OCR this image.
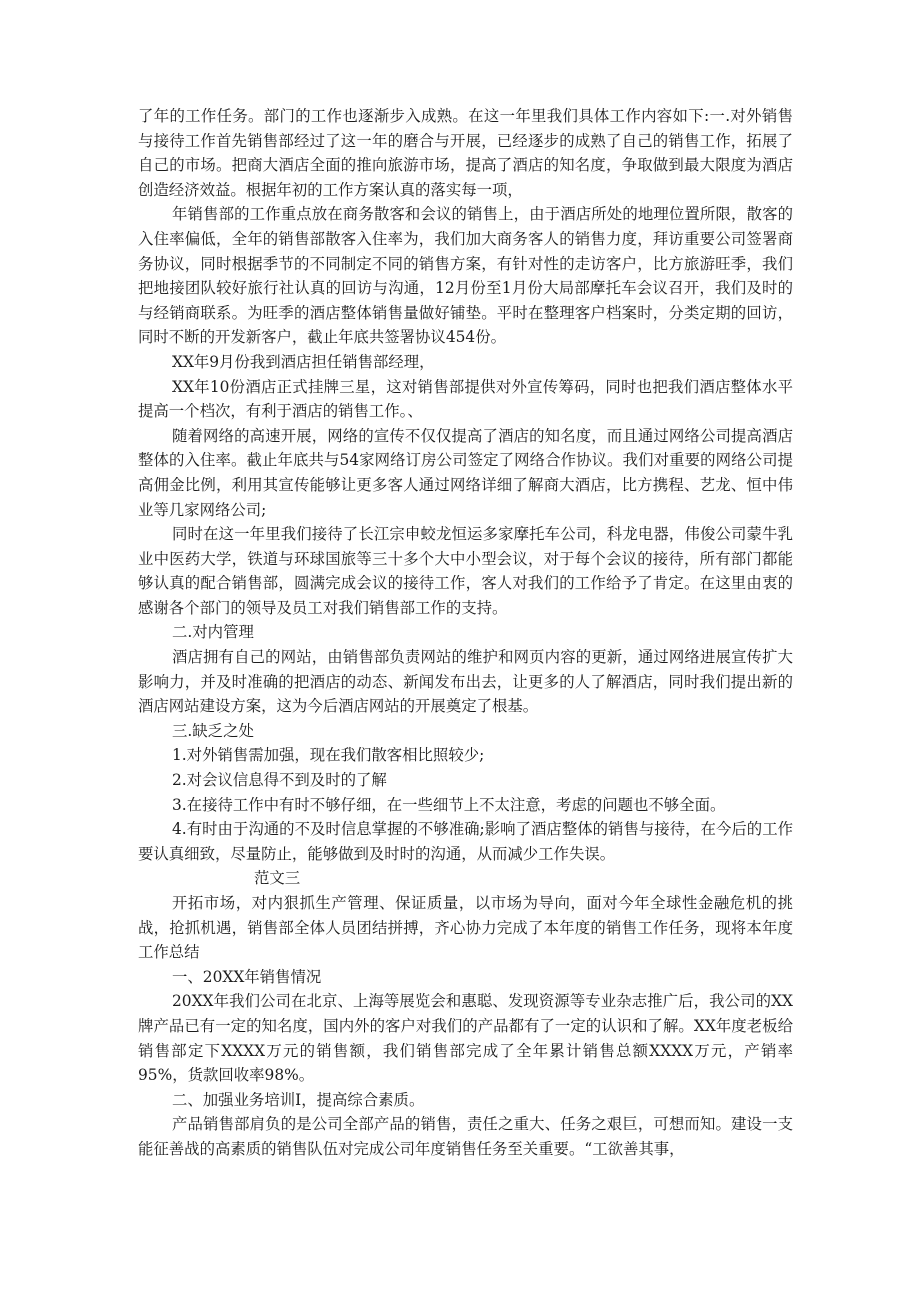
了年的工作任务。部门的工作也逐渐步入成熟。在这一年里我们具体工作内容如下:一.对外销售与接待工作首先销售部经过了这一年的磨合与开展，已经逐步的成熟了自己的销售工作，拓展了自己的市场。把商大酒店全面的推向旅游市场，提高了酒店的知名度，争取做到最大限度为酒店创造经济效益。根据年初的工作方案认真的落实每一项，

年销售部的工作重点放在商务散客和会议的销售上，由于酒店所处的地理位置所限，散客的入住率偏低，全年的销售部散客入住率为，我们加大商务客人的销售力度，拜访重要公司签署商务协议，同时根据季节的不同制定不同的销售方案，有针对性的走访客户，比方旅游旺季，我们把地接团队较好旅行社认真的回访与沟通，12月份至1月份大局部摩托车会议召开，我们及时的与经销商联系。为旺季的酒店整体销售量做好铺垫。平时在整理客户档案时，分类定期的回访，同时不断的开发新客户，截止年底共签署协议454份。

XX年9月份我到酒店担任销售部经理，

XX年10份酒店正式挂牌三星，这对销售部提供对外宣传筹码，同时也把我们酒店整体水平提高一个档次，有利于酒店的销售工作。、

随着网络的高速开展，网络的宣传不仅仅提高了酒店的知名度，而且通过网络公司提高酒店整体的入住率。截止年底共与54家网络订房公司签定了网络合作协议。我们对重要的网络公司提高佣金比例，利用其宣传能够让更多客人通过网络详细了解商大酒店，比方携程、艺龙、恒中伟业等几家网络公司;

同时在这一年里我们接待了长江宗申蛟龙恒运多家摩托车公司，科龙电器，伟俊公司蒙牛乳业中医药大学，铁道与环球国旅等三十多个大中小型会议，对于每个会议的接待，所有部门都能够认真的配合销售部，圆满完成会议的接待工作，客人对我们的工作给予了肯定。在这里由衷的感谢各个部门的领导及员工对我们销售部工作的支持。

二.对内管理

酒店拥有自己的网站，由销售部负责网站的维护和网页内容的更新，通过网络进展宣传扩大影响力，并及时准确的把酒店的动态、新闻发布出去，让更多的人了解酒店，同时我们提出新的酒店网站建设方案，这为今后酒店网站的开展奠定了根基。

三.缺乏之处

1.对外销售需加强，现在我们散客相比照较少;

2.对会议信息得不到及时的了解

3.在接待工作中有时不够仔细，在一些细节上不太注意，考虑的问题也不够全面。

4.有时由于沟通的不及时信息掌握的不够准确;影响了酒店整体的销售与接待，在今后的工作要认真细致，尽量防止，能够做到及时时的沟通，从而减少工作失误。

范文三

开拓市场，对内狠抓生产管理、保证质量，以市场为导向，面对今年全球性金融危机的挑战，抢抓机遇，销售部全体人员团结拼搏，齐心协力完成了本年度的销售工作任务，现将本年度工作总结

一、20XX年销售情况

20XX年我们公司在北京、上海等展览会和惠聪、发现资源等专业杂志推广后，我公司的XX牌产品已有一定的知名度，国内外的客户对我们的产品都有了一定的认识和了解。XX年度老板给销售部定下XXXX万元的销售额，我们销售部完成了全年累计销售总额XXXX万元，产销率95%，货款回收率98%。

二、加强业务培训I，提高综合素质。

产品销售部肩负的是公司全部产品的销售，责任之重大、任务之艰巨，可想而知。建设一支能征善战的高素质的销售队伍对完成公司年度销售任务至关重要。“工欲善其事，
